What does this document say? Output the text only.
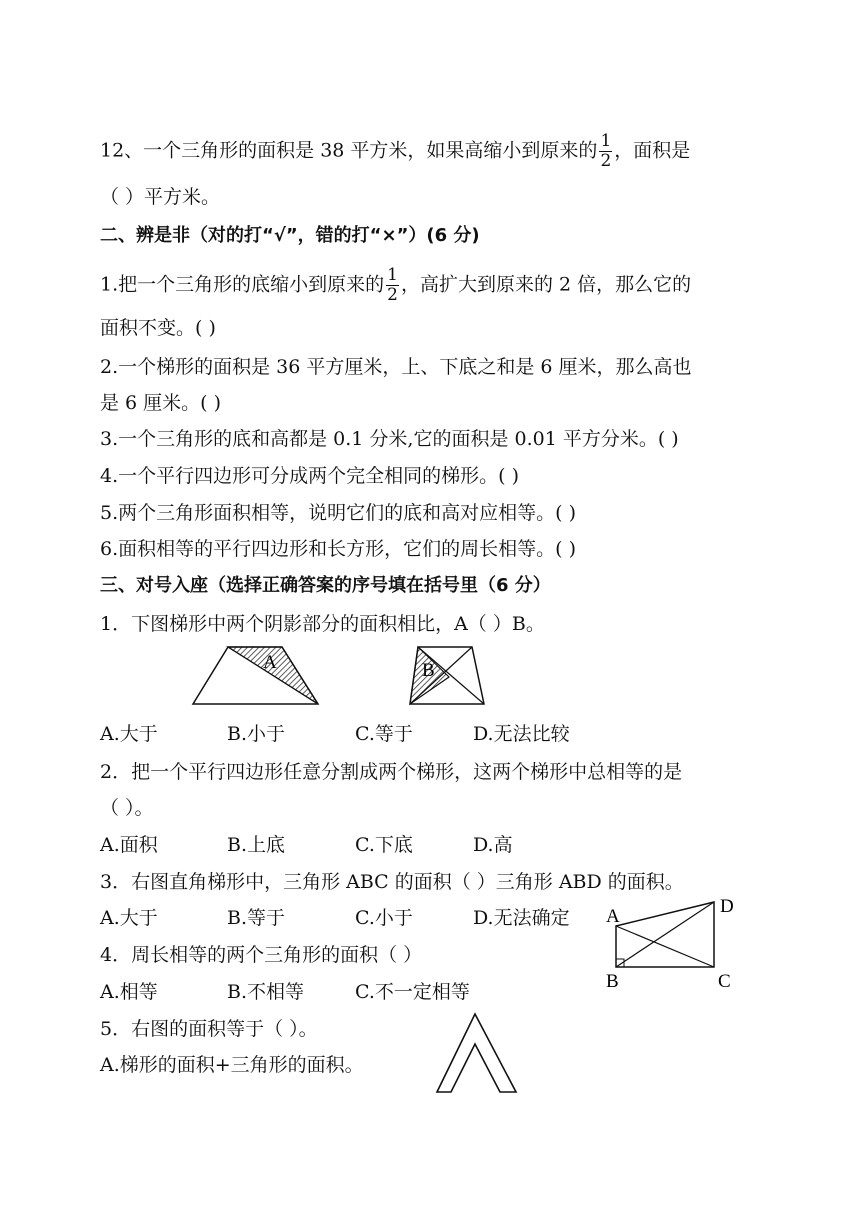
12、一个三角形的面积是 38 平方米，如果高缩小到原来的 $\frac{1}{2}$ ，面积是
（ ）平方米。
二、辨是非（对的打“√”，错的打“×”）(6 分)
1.把一个三角形的底缩小到原来的 $\frac{1}{2}$ ，高扩大到原来的 2 倍，那么它的
面积不变。( )
2.一个梯形的面积是 36 平方厘米，上、下底之和是 6 厘米，那么高也
是 6 厘米。( )
3.一个三角形的底和高都是 0.1 分米,它的面积是 0.01 平方分米。( )
4.一个平行四边形可分成两个完全相同的梯形。( )
5.两个三角形面积相等，说明它们的底和高对应相等。( )
6.面积相等的平行四边形和长方形，它们的周长相等。( )
三、对号入座（选择正确答案的序号填在括号里（6 分）
1．下图梯形中两个阴影部分的面积相比，A（ ）B。
A	B
A.大于	B.小于	C.等于	D.无法比较
2．把一个平行四边形任意分割成两个梯形，这两个梯形中总相等的是
（ ）。
A.面积	B.上底	C.下底	D.高
3．右图直角梯形中，三角形 ABC 的面积（ ）三角形 ABD 的面积。
A.大于	B.等于	C.小于	D.无法确定 A
B	C
D
4．周长相等的两个三角形的面积（ ）
A.相等	B.不相等	C.不一定相等
5．右图的面积等于（ ）。
A.梯形的面积+三角形的面积。
